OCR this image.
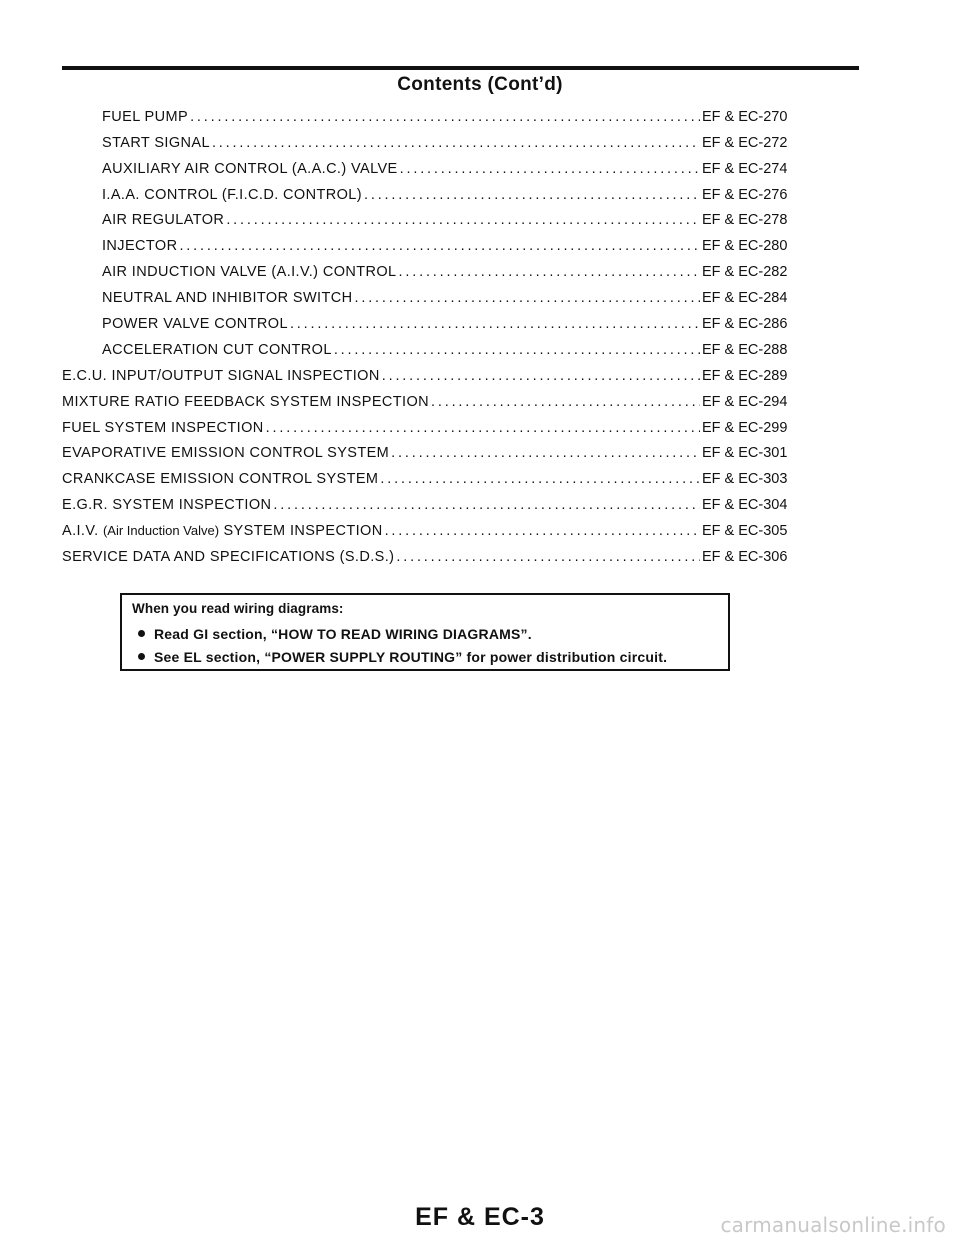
Contents (Cont’d)
FUEL PUMP . . .	EF & EC-270
START SIGNAL . . .	EF & EC-272
AUXILIARY AIR CONTROL (A.A.C.) VALVE . . .	EF & EC-274
I.A.A. CONTROL (F.I.C.D. CONTROL) . . .	EF & EC-276
AIR REGULATOR . . .	EF & EC-278
INJECTOR . . .	EF & EC-280
AIR INDUCTION VALVE (A.I.V.) CONTROL . . .	EF & EC-282
NEUTRAL AND INHIBITOR SWITCH . . .	EF & EC-284
POWER VALVE CONTROL . . .	EF & EC-286
ACCELERATION CUT CONTROL . . .	EF & EC-288
E.C.U. INPUT/OUTPUT SIGNAL INSPECTION . . .	EF & EC-289
MIXTURE RATIO FEEDBACK SYSTEM INSPECTION . . .	EF & EC-294
FUEL SYSTEM INSPECTION . . .	EF & EC-299
EVAPORATIVE EMISSION CONTROL SYSTEM . . .	EF & EC-301
CRANKCASE EMISSION CONTROL SYSTEM . . .	EF & EC-303
E.G.R. SYSTEM INSPECTION . . .	EF & EC-304
A.I.V. (Air Induction Valve) SYSTEM INSPECTION . . .	EF & EC-305
SERVICE DATA AND SPECIFICATIONS (S.D.S.) . . .	EF & EC-306
When you read wiring diagrams:
Read GI section, “HOW TO READ WIRING DIAGRAMS”.
See EL section, “POWER SUPPLY ROUTING” for power distribution circuit.
EF & EC-3	carmanualsonline.info
